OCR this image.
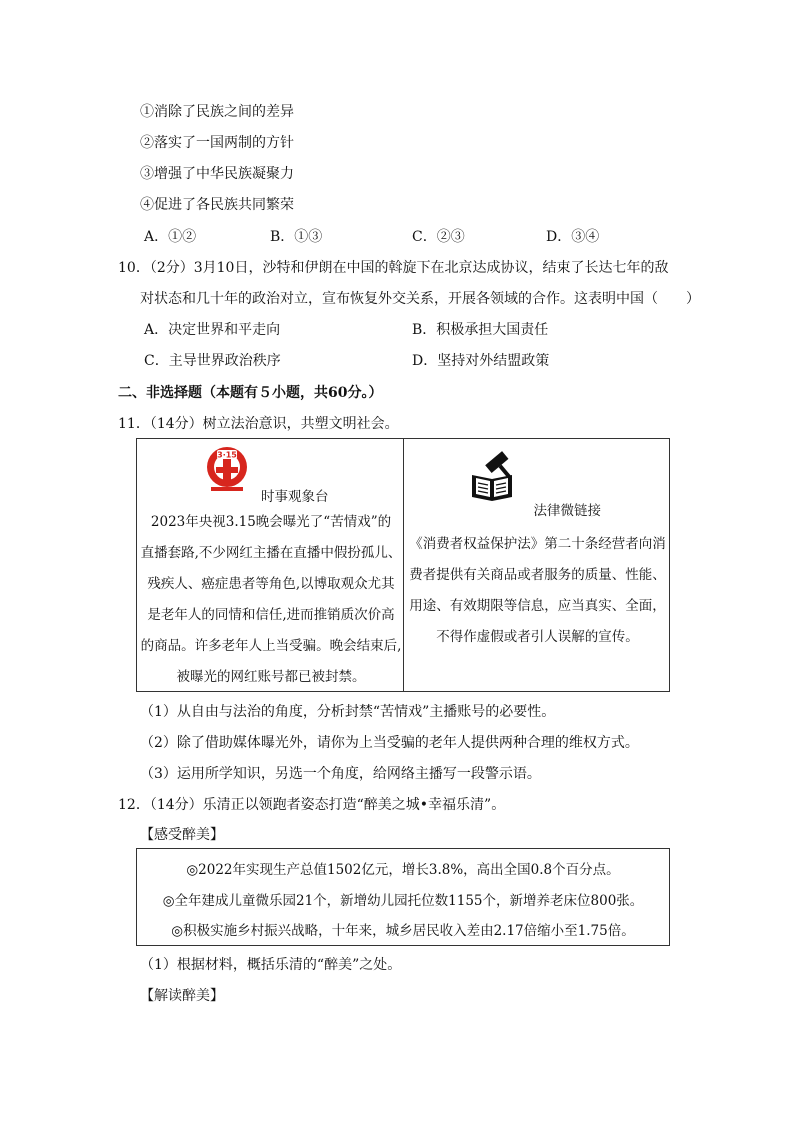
①消除了民族之间的差异
②落实了一国两制的方针
③增强了中华民族凝聚力
④促进了各民族共同繁荣
A．①②	B．①③	C．②③	D．③④
10．（2分）3月10日，沙特和伊朗在中国的斡旋下在北京达成协议，结束了长达七年的敌
对状态和几十年的政治对立，宣布恢复外交关系，开展各领域的合作。这表明中国（　　）
A．决定世界和平走向	B．积极承担大国责任
C．主导世界政治秩序	D．坚持对外结盟政策
二、非选择题（本题有５小题，共60分。）
11．（14分）树立法治意识，共塑文明社会。
3·15
时事观象台
2023年央视3.15晚会曝光了“苦情戏”的
直播套路,不少网红主播在直播中假扮孤儿、
残疾人、癌症患者等角色,以博取观众尤其
是老年人的同情和信任,进而推销质次价高
的商品。许多老年人上当受骗。晚会结束后,
被曝光的网红账号都已被封禁。
法律微链接
《消费者权益保护法》第二十条经营者向消
费者提供有关商品或者服务的质量、性能、
用途、有效期限等信息，应当真实、全面，
不得作虚假或者引人误解的宣传。
（1）从自由与法治的角度，分析封禁“苦情戏”主播账号的必要性。
（2）除了借助媒体曝光外，请你为上当受骗的老年人提供两种合理的维权方式。
（3）运用所学知识，另选一个角度，给网络主播写一段警示语。
12．（14分）乐清正以领跑者姿态打造“醉美之城•幸福乐清”。
【感受醉美】
◎2022年实现生产总值1502亿元，增长3.8%，高出全国0.8个百分点。
◎全年建成儿童微乐园21个，新增幼儿园托位数1155个，新增养老床位800张。
◎积极实施乡村振兴战略，十年来，城乡居民收入差由2.17倍缩小至1.75倍。
（1）根据材料，概括乐清的“醉美”之处。
【解读醉美】
